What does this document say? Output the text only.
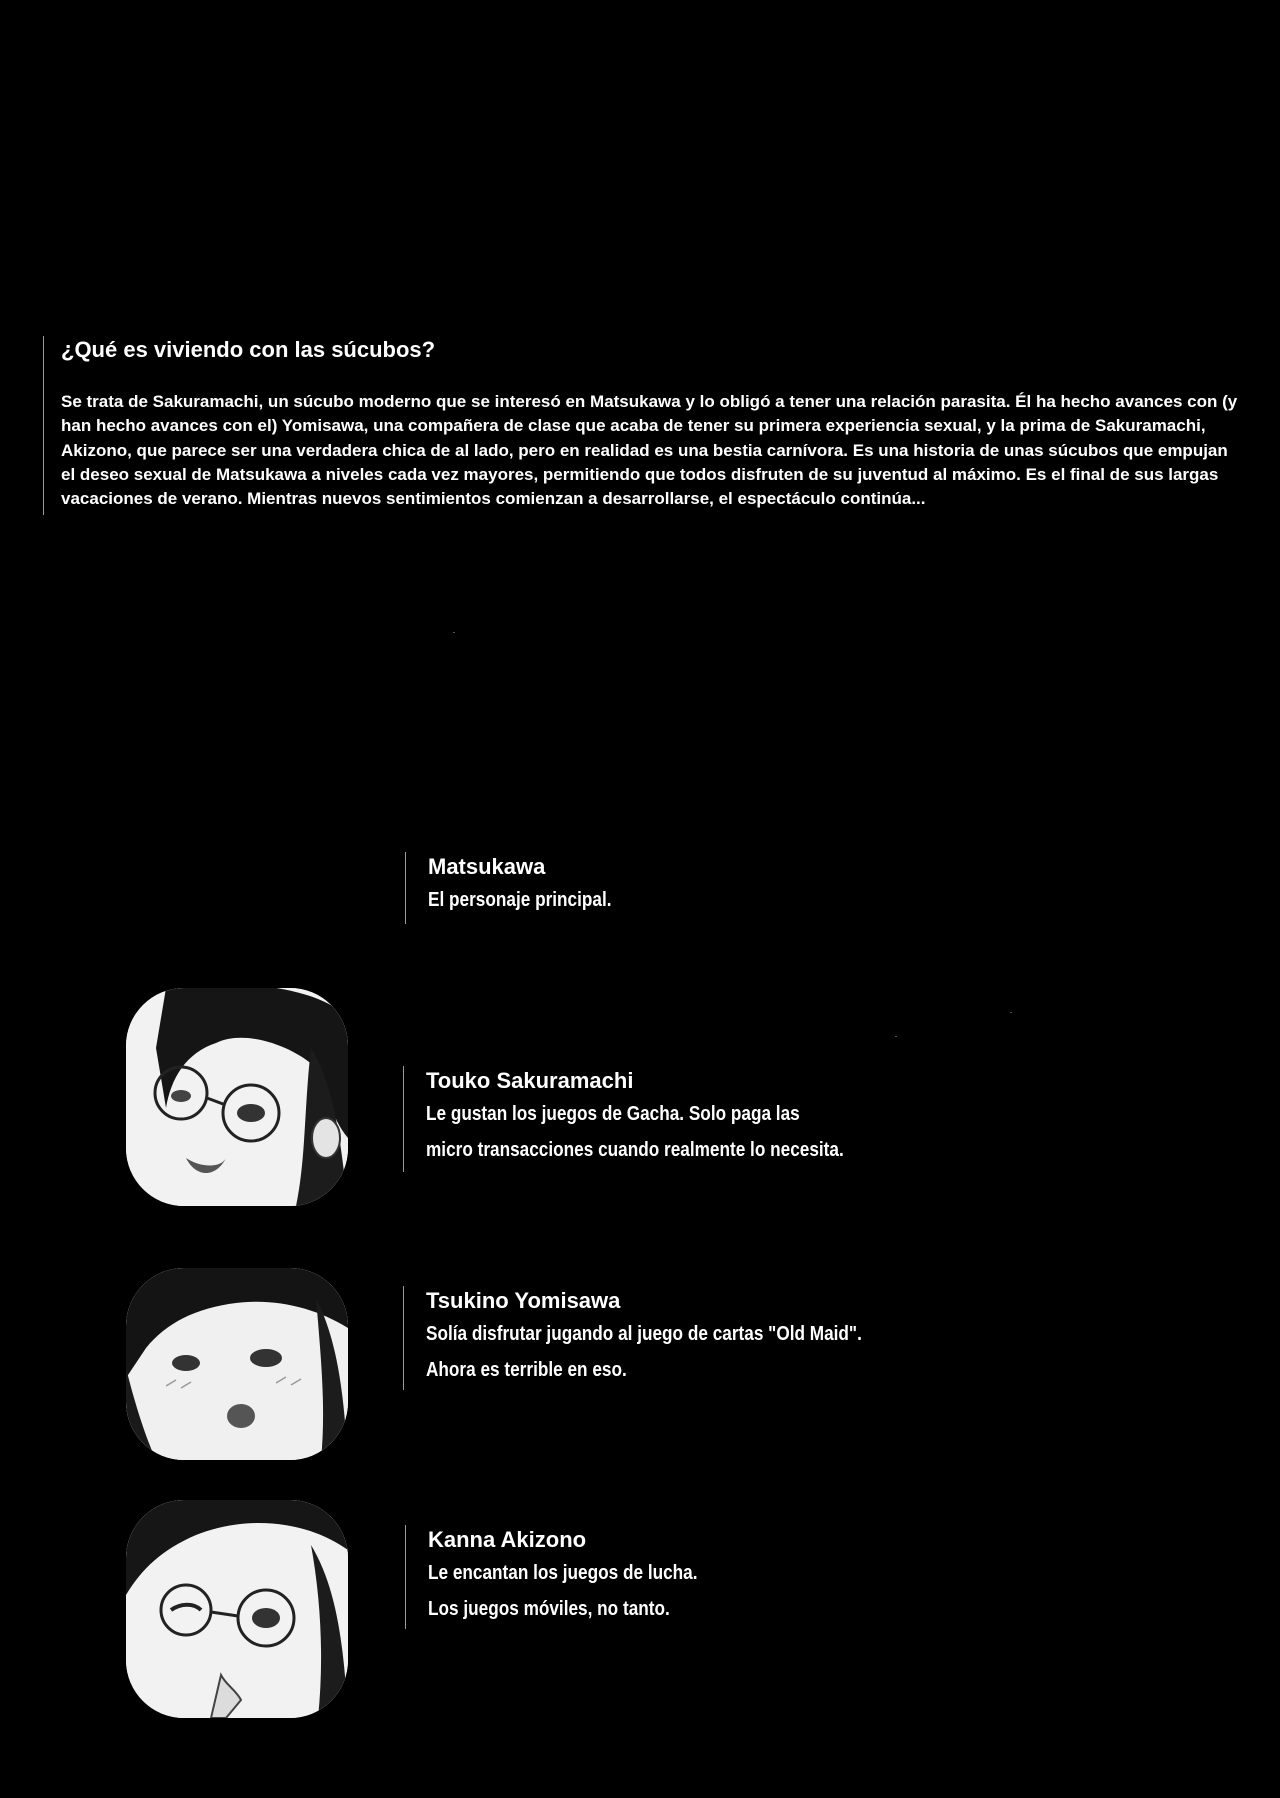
¿Qué es viviendo con las súcubos?

Se trata de Sakuramachi, un súcubo moderno que se interesó en Matsukawa y lo obligó a tener una relación parasita. Él ha hecho avances con (y han hecho avances con el) Yomisawa, una compañera de clase que acaba de tener su primera experiencia sexual, y la prima de Sakuramachi, Akizono, que parece ser una verdadera chica de al lado, pero en realidad es una bestia carnívora. Es una historia de unas súcubos que empujan el deseo sexual de Matsukawa a niveles cada vez mayores, permitiendo que todos disfruten de su juventud al máximo. Es el final de sus largas vacaciones de verano. Mientras nuevos sentimientos comienzan a desarrollarse, el espectáculo continúa...

Matsukawa
El personaje principal.
Touko Sakuramachi
Le gustan los juegos de Gacha. Solo paga las
micro transacciones cuando realmente lo necesita.
Tsukino Yomisawa
Solía disfrutar jugando al juego de cartas "Old Maid".
Ahora es terrible en eso.
Kanna Akizono
Le encantan los juegos de lucha.
Los juegos móviles, no tanto.
